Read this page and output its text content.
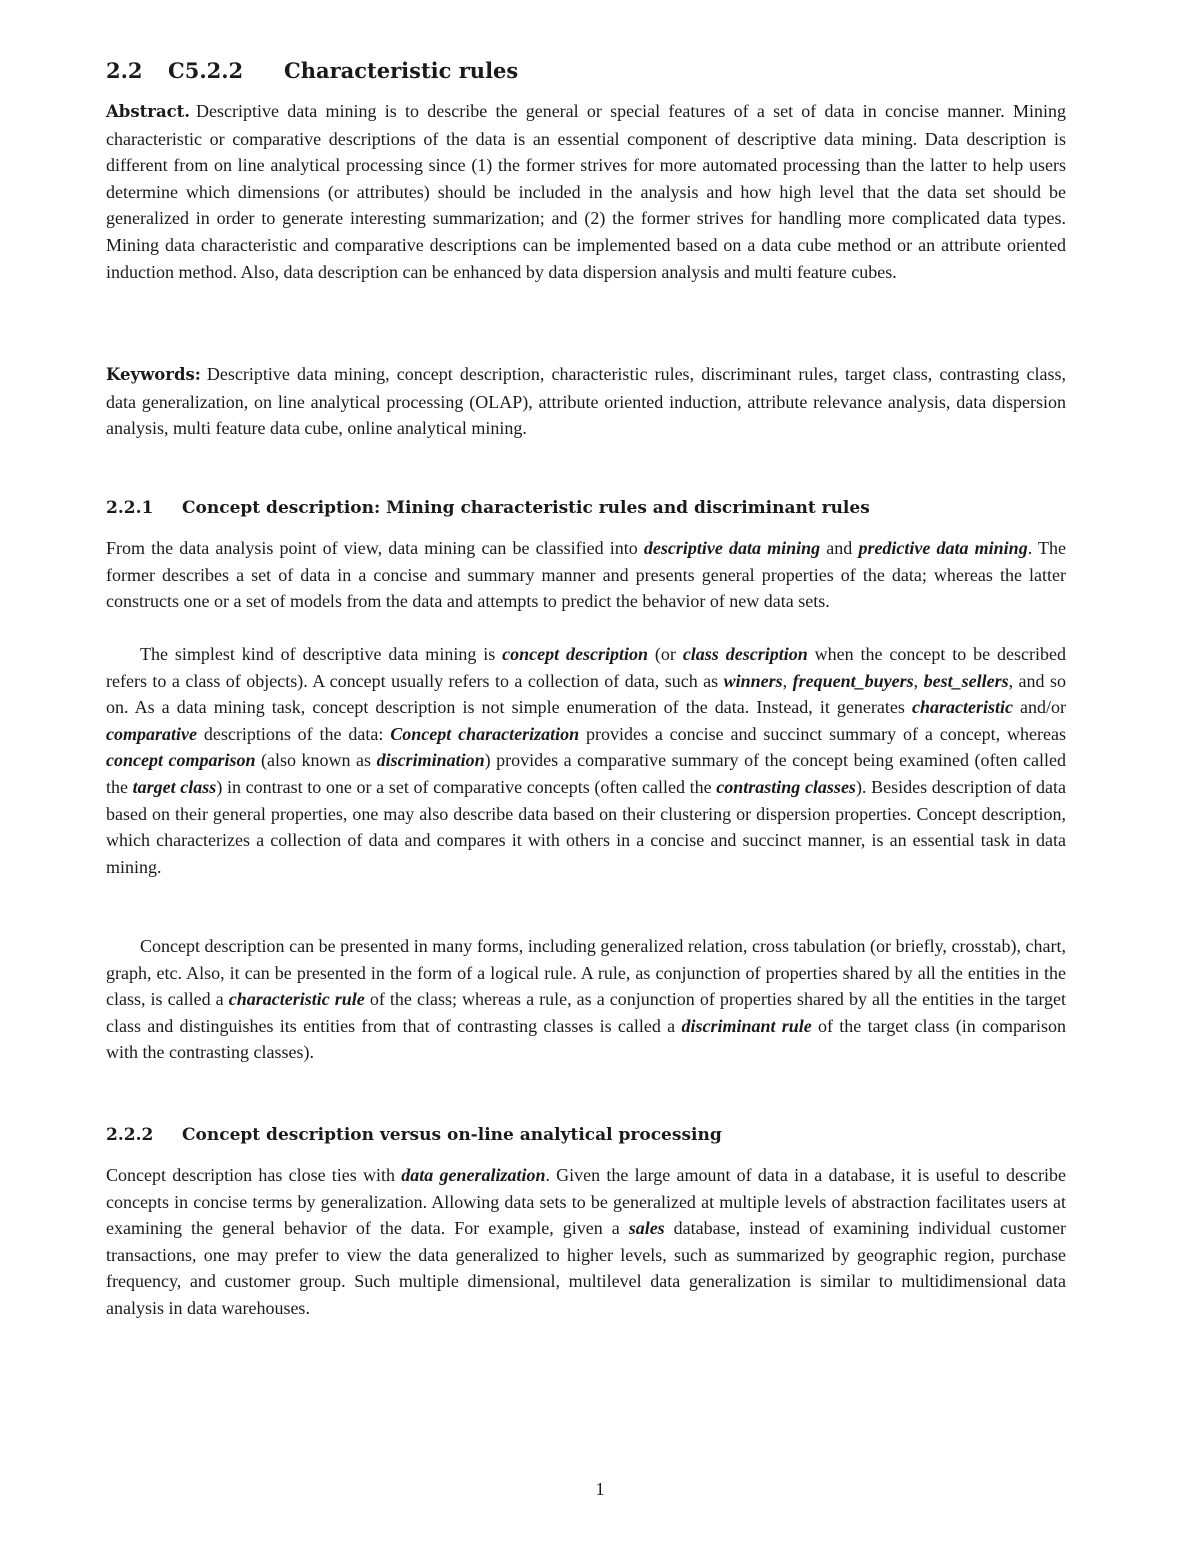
2.2 C5.2.2 Characteristic rules

Abstract. Descriptive data mining is to describe the general or special features of a set of data in concise manner. Mining characteristic or comparative descriptions of the data is an essential component of descriptive data mining. Data description is different from on line analytical processing since (1) the former strives for more automated processing than the latter to help users determine which dimensions (or attributes) should be included in the analysis and how high level that the data set should be generalized in order to generate interesting summarization; and (2) the former strives for handling more complicated data types. Mining data characteristic and comparative descriptions can be implemented based on a data cube method or an attribute oriented induction method. Also, data description can be enhanced by data dispersion analysis and multi feature cubes.

Keywords: Descriptive data mining, concept description, characteristic rules, discriminant rules, target class, contrasting class, data generalization, on line analytical processing (OLAP), attribute oriented induction, attribute relevance analysis, data dispersion analysis, multi feature data cube, online analytical mining.

2.2.1 Concept description: Mining characteristic rules and discriminant rules

From the data analysis point of view, data mining can be classified into descriptive data mining and predictive data mining. The former describes a set of data in a concise and summary manner and presents general properties of the data; whereas the latter constructs one or a set of models from the data and attempts to predict the behavior of new data sets.

The simplest kind of descriptive data mining is concept description (or class description when the concept to be described refers to a class of objects). A concept usually refers to a collection of data, such as winners, frequent_buyers, best_sellers, and so on. As a data mining task, concept description is not simple enumeration of the data. Instead, it generates characteristic and/or comparative descriptions of the data: Concept characterization provides a concise and succinct summary of a concept, whereas concept comparison (also known as discrimination) provides a comparative summary of the concept being examined (often called the target class) in contrast to one or a set of comparative concepts (often called the contrasting classes). Besides description of data based on their general properties, one may also describe data based on their clustering or dispersion properties. Concept description, which characterizes a collection of data and compares it with others in a concise and succinct manner, is an essential task in data mining.

Concept description can be presented in many forms, including generalized relation, cross tabulation (or briefly, crosstab), chart, graph, etc. Also, it can be presented in the form of a logical rule. A rule, as conjunction of properties shared by all the entities in the class, is called a characteristic rule of the class; whereas a rule, as a conjunction of properties shared by all the entities in the target class and distinguishes its entities from that of contrasting classes is called a discriminant rule of the target class (in comparison with the contrasting classes).

2.2.2 Concept description versus on-line analytical processing

Concept description has close ties with data generalization. Given the large amount of data in a database, it is useful to describe concepts in concise terms by generalization. Allowing data sets to be generalized at multiple levels of abstraction facilitates users at examining the general behavior of the data. For example, given a sales database, instead of examining individual customer transactions, one may prefer to view the data generalized to higher levels, such as summarized by geographic region, purchase frequency, and customer group. Such multiple dimensional, multilevel data generalization is similar to multidimensional data analysis in data warehouses.

1
